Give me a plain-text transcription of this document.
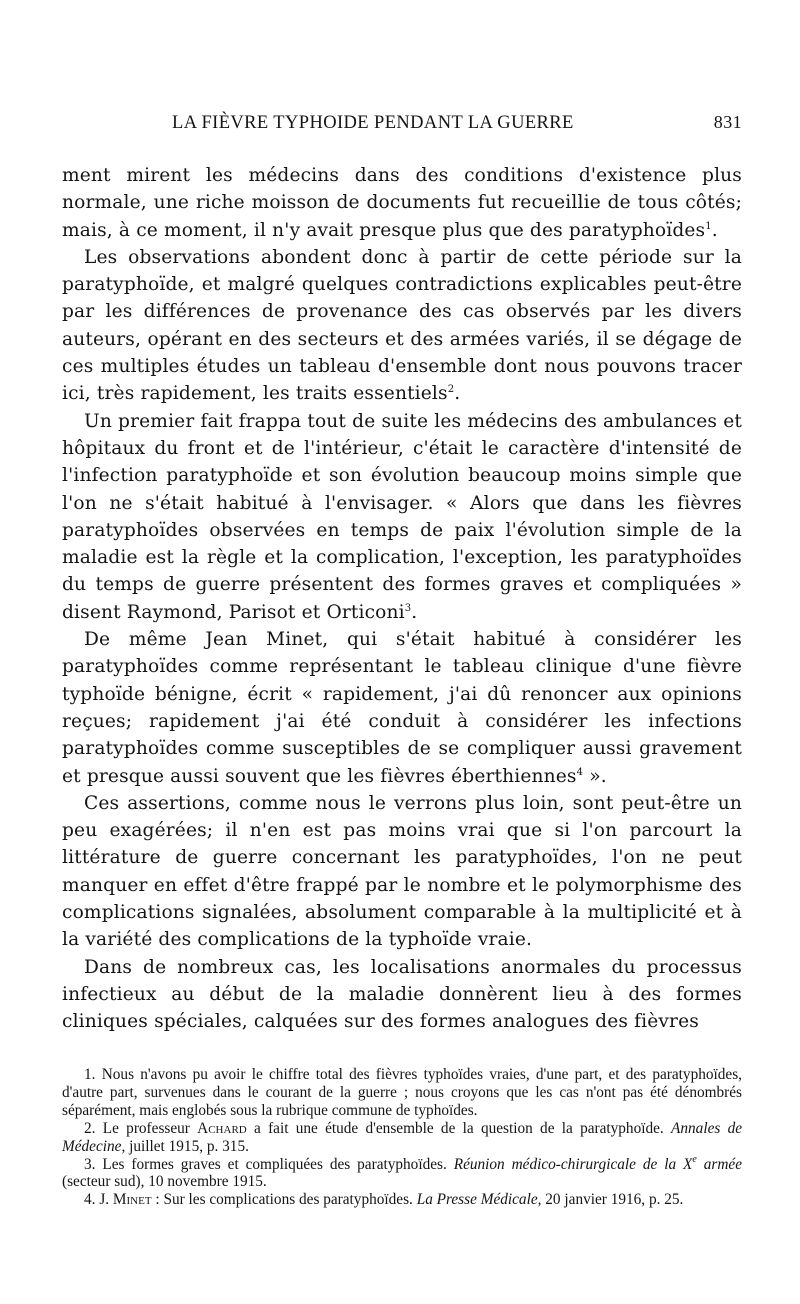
LA FIÈVRE TYPHOIDE PENDANT LA GUERRE	831

ment mirent les médecins dans des conditions d'existence plus normale, une riche moisson de documents fut recueillie de tous côtés; mais, à ce moment, il n'y avait presque plus que des paratyphoïdes$^1$.

Les observations abondent donc à partir de cette période sur la paratyphoïde, et malgré quelques contradictions explicables peut-être par les différences de provenance des cas observés par les divers auteurs, opérant en des secteurs et des armées variés, il se dégage de ces multiples études un tableau d'ensemble dont nous pouvons tracer ici, très rapidement, les traits essentiels$^2$.

Un premier fait frappa tout de suite les médecins des ambulances et hôpitaux du front et de l'intérieur, c'était le caractère d'intensité de l'infection paratyphoïde et son évolution beaucoup moins simple que l'on ne s'était habitué à l'envisager. « Alors que dans les fièvres paratyphoïdes observées en temps de paix l'évolution simple de la maladie est la règle et la complication, l'exception, les paratyphoïdes du temps de guerre présentent des formes graves et compliquées » disent Raymond, Parisot et Orticoni$^3$.

De même Jean Minet, qui s'était habitué à considérer les paratyphoïdes comme représentant le tableau clinique d'une fièvre typhoïde bénigne, écrit « rapidement, j'ai dû renoncer aux opinions reçues; rapidement j'ai été conduit à considérer les infections paratyphoïdes comme susceptibles de se compliquer aussi gravement et presque aussi souvent que les fièvres éberthiennes$^4$ ».

Ces assertions, comme nous le verrons plus loin, sont peut-être un peu exagérées; il n'en est pas moins vrai que si l'on parcourt la littérature de guerre concernant les paratyphoïdes, l'on ne peut manquer en effet d'être frappé par le nombre et le polymorphisme des complications signalées, absolument comparable à la multiplicité et à la variété des complications de la typhoïde vraie.

Dans de nombreux cas, les localisations anormales du processus infectieux au début de la maladie donnèrent lieu à des formes cliniques spéciales, calquées sur des formes analogues des fièvres

1. Nous n'avons pu avoir le chiffre total des fièvres typhoïdes vraies, d'une part, et des paratyphoïdes, d'autre part, survenues dans le courant de la guerre ; nous croyons que les cas n'ont pas été dénombrés séparément, mais englobés sous la rubrique commune de typhoïdes.

2. Le professeur Achard a fait une étude d'ensemble de la question de la paratyphoïde. Annales de Médecine, juillet 1915, p. 315.

3. Les formes graves et compliquées des paratyphoïdes. Réunion médico-chirurgicale de la Xe armée (secteur sud), 10 novembre 1915.

4. J. Minet : Sur les complications des paratyphoïdes. La Presse Médicale, 20 janvier 1916, p. 25.
